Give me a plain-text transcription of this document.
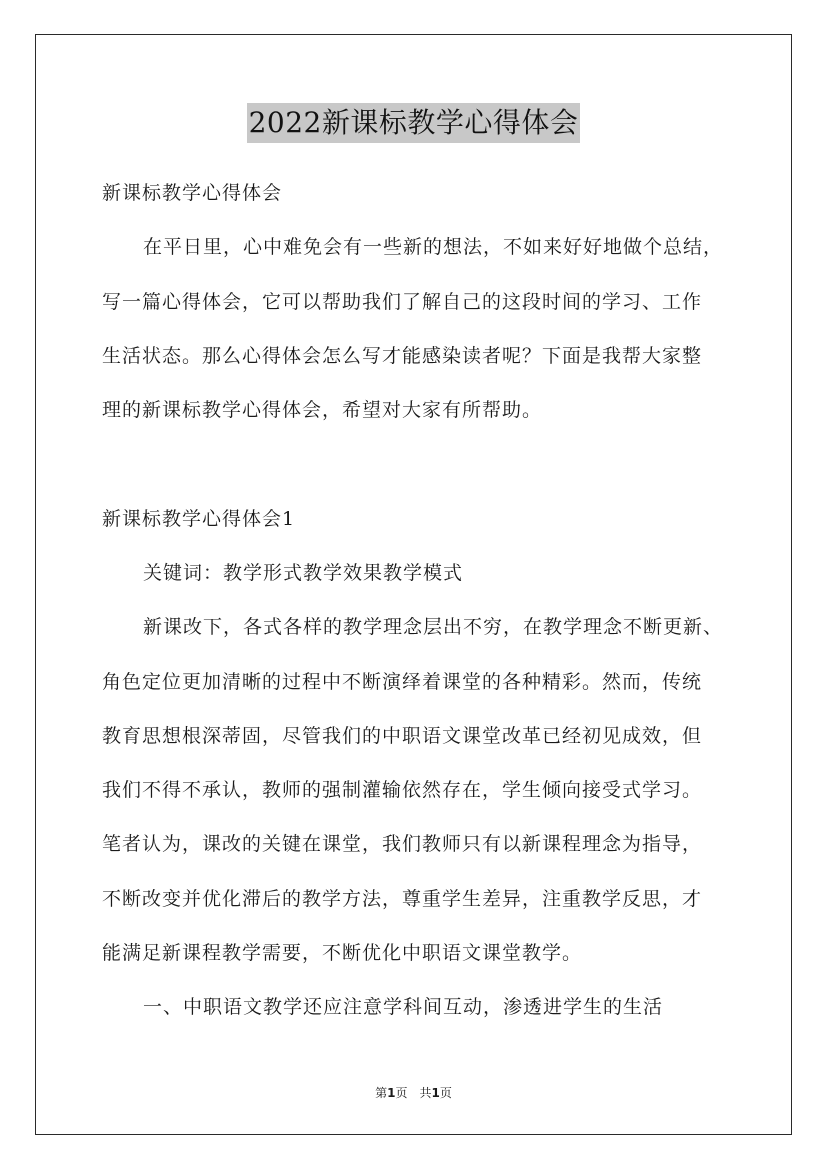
2022新课标教学心得体会
新课标教学心得体会
在平日里，心中难免会有一些新的想法，不如来好好地做个总结，
写一篇心得体会，它可以帮助我们了解自己的这段时间的学习、工作
生活状态。那么心得体会怎么写才能感染读者呢？下面是我帮大家整
理的新课标教学心得体会，希望对大家有所帮助。
新课标教学心得体会1
关键词：教学形式教学效果教学模式
新课改下，各式各样的教学理念层出不穷，在教学理念不断更新、
角色定位更加清晰的过程中不断演绎着课堂的各种精彩。然而，传统
教育思想根深蒂固，尽管我们的中职语文课堂改革已经初见成效，但
我们不得不承认，教师的强制灌输依然存在，学生倾向接受式学习。
笔者认为，课改的关键在课堂，我们教师只有以新课程理念为指导，
不断改变并优化滞后的教学方法，尊重学生差异，注重教学反思，才
能满足新课程教学需要，不断优化中职语文课堂教学。
一、中职语文教学还应注意学科间互动，渗透进学生的生活
第1页　共1页
